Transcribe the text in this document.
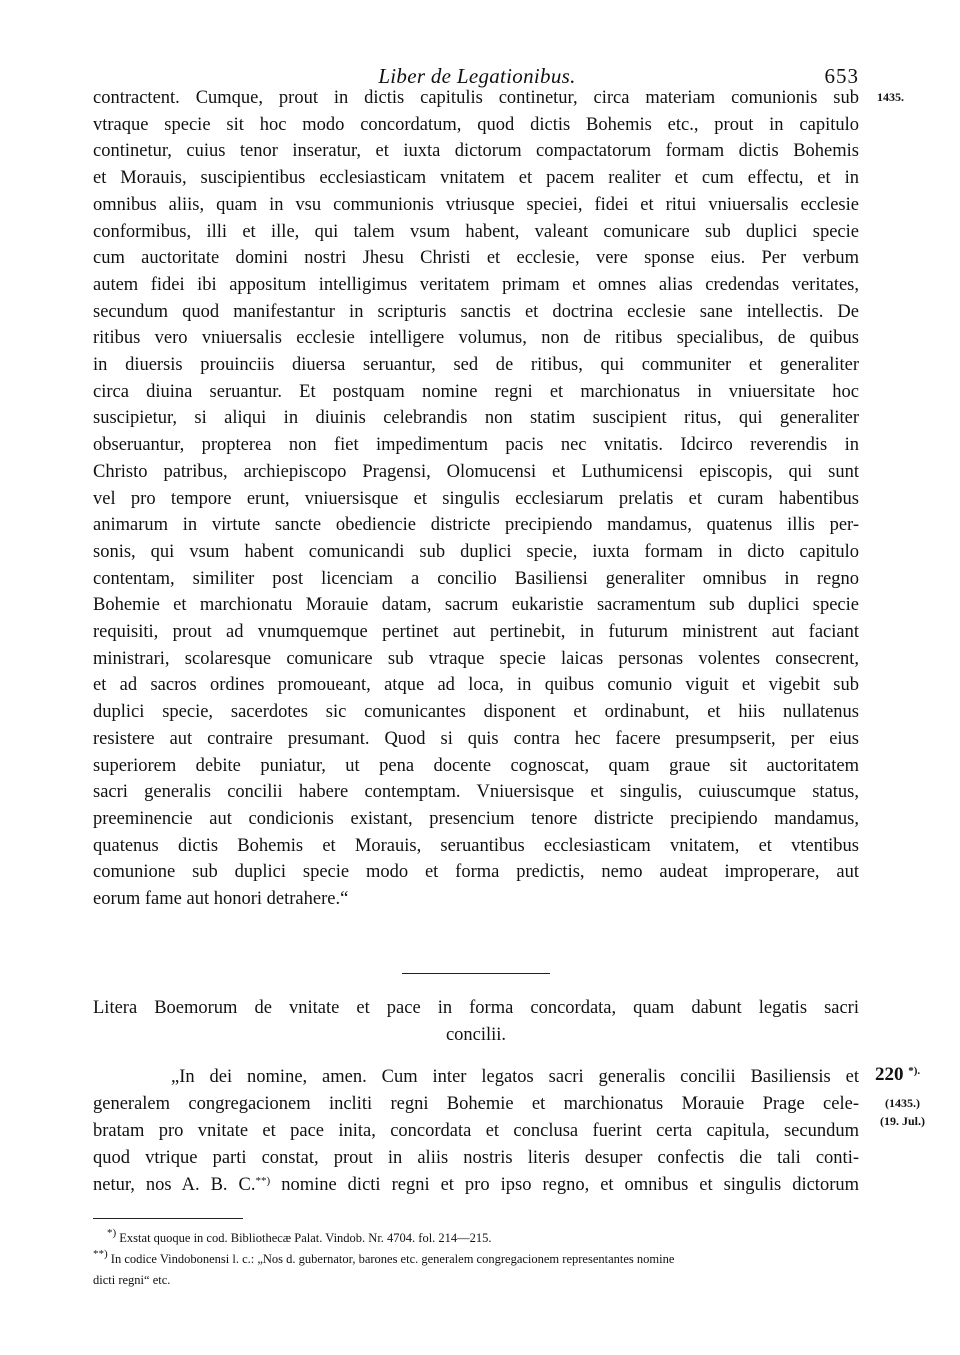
Liber de Legationibus.	653
1435.
contractent. Cumque, prout in dictis capitulis continetur, circa materiam comunionis sub
vtraque specie sit hoc modo concordatum, quod dictis Bohemis etc., prout in capitulo
continetur, cuius tenor inseratur, et iuxta dictorum compactatorum formam dictis Bohemis
et Morauis, suscipientibus ecclesiasticam vnitatem et pacem realiter et cum effectu, et in
omnibus aliis, quam in vsu communionis vtriusque speciei, fidei et ritui vniuersalis ecclesie
conformibus, illi et ille, qui talem vsum habent, valeant comunicare sub duplici specie
cum auctoritate domini nostri Jhesu Christi et ecclesie, vere sponse eius. Per verbum
autem fidei ibi appositum intelligimus veritatem primam et omnes alias credendas veritates,
secundum quod manifestantur in scripturis sanctis et doctrina ecclesie sane intellectis. De
ritibus vero vniuersalis ecclesie intelligere volumus, non de ritibus specialibus, de quibus
in diuersis prouinciis diuersa seruantur, sed de ritibus, qui communiter et generaliter
circa diuina seruantur. Et postquam nomine regni et marchionatus in vniuersitate hoc
suscipietur, si aliqui in diuinis celebrandis non statim suscipient ritus, qui generaliter
obseruantur, propterea non fiet impedimentum pacis nec vnitatis. Idcirco reverendis in
Christo patribus, archiepiscopo Pragensi, Olomucensi et Luthumicensi episcopis, qui sunt
vel pro tempore erunt, vniuersisque et singulis ecclesiarum prelatis et curam habentibus
animarum in virtute sancte obediencie districte precipiendo mandamus, quatenus illis per-
sonis, qui vsum habent comunicandi sub duplici specie, iuxta formam in dicto capitulo
contentam, similiter post licenciam a concilio Basiliensi generaliter omnibus in regno
Bohemie et marchionatu Morauie datam, sacrum eukaristie sacramentum sub duplici specie
requisiti, prout ad vnumquemque pertinet aut pertinebit, in futurum ministrent aut faciant
ministrari, scolaresque comunicare sub vtraque specie laicas personas volentes consecrent,
et ad sacros ordines promoueant, atque ad loca, in quibus comunio viguit et vigebit sub
duplici specie, sacerdotes sic comunicantes disponent et ordinabunt, et hiis nullatenus
resistere aut contraire presumant. Quod si quis contra hec facere presumpserit, per eius
superiorem debite puniatur, ut pena docente cognoscat, quam graue sit auctoritatem
sacri generalis concilii habere contemptam. Vniuersisque et singulis, cuiuscumque status,
preeminencie aut condicionis existant, presencium tenore districte precipiendo mandamus,
quatenus dictis Bohemis et Morauis, seruantibus ecclesiasticam vnitatem, et vtentibus
comunione sub duplici specie modo et forma predictis, nemo audeat improperare, aut
eorum fame aut honori detrahere.“
Litera Boemorum de vnitate et pace in forma concordata, quam dabunt legatis sacri
concilii.
220 *).
(1435.)
(19. Jul.)
„In dei nomine, amen. Cum inter legatos sacri generalis concilii Basiliensis et
generalem congregacionem incliti regni Bohemie et marchionatus Morauie Prage cele-
bratam pro vnitate et pace inita, concordata et conclusa fuerint certa capitula, secundum
quod vtrique parti constat, prout in aliis nostris literis desuper confectis die tali conti-
netur, nos A. B. C.**) nomine dicti regni et pro ipso regno, et omnibus et singulis dictorum
*) Exstat quoque in cod. Bibliothecæ Palat. Vindob. Nr. 4704. fol. 214—215.
**) In codice Vindobonensi l. c.: „Nos d. gubernator, barones etc. generalem congregacionem representantes nomine
dicti regni“ etc.
